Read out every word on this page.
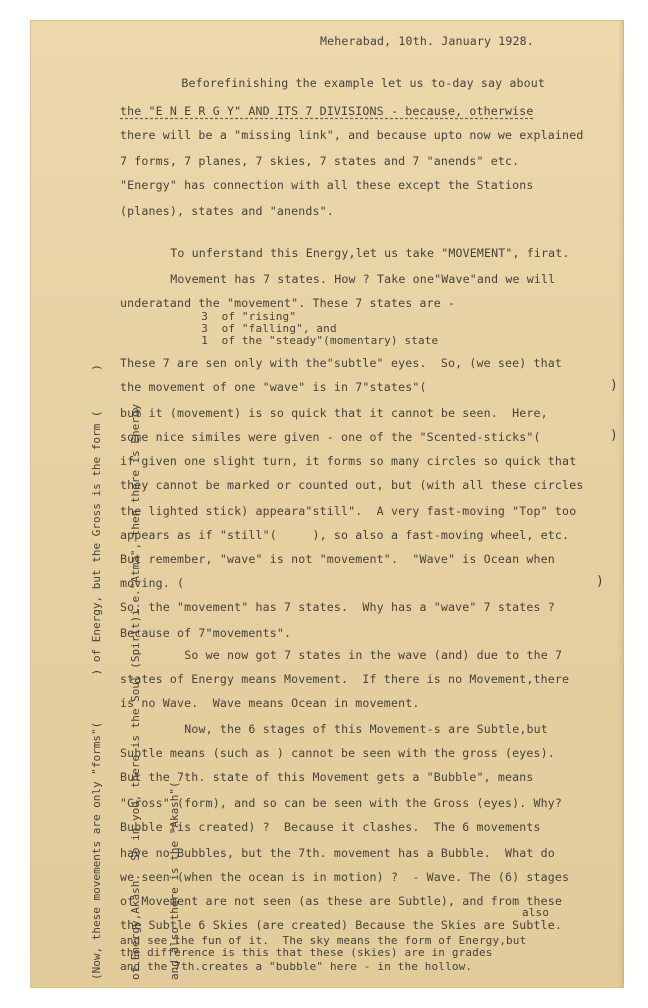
Meherabad, 10th. January 1928.
Beforefinishing the example let us to-day say about
the "E N E R G Y" AND ITS 7 DIVISIONS - because, otherwise
there will be a "missing link", and because upto now we explained
7 forms, 7 planes, 7 skies, 7 states and 7 "anends" etc.
"Energy" has connection with all these except the Stations
(planes), states and "anends".
To unferstand this Energy,let us take "MOVEMENT", firat.
Movement has 7 states. How ? Take one"Wave"and we will
underatand the "movement". These 7 states are -
3  of "rising"
3  of "falling", and
1  of the "steady"(momentary) state
These 7 are sen only with the"subtle" eyes.  So, (we see) that
the movement of one "wave" is in 7"states"(	)
but it (movement) is so quick that it cannot be seen.  Here,
some nice similes were given - one of the "Scented-sticks"(	)
if given one slight turn, it forms so many circles so quick that
they cannot be marked or counted out, but (with all these circles
the lighted stick) appeara"still".  A very fast-moving "Top" too
appears as if "still"(     ), so also a fast-moving wheel, etc.
But remember, "wave" is not "movement".  "Wave" is Ocean when
moving. (	)
So, the "movement" has 7 states.  Why has a "wave" 7 states ?
Because of 7"movements".
So we now got 7 states in the wave (and) due to the 7
states of Energy means Movement.  If there is no Movement,there
is no Wave.  Wave means Ocean in movement.
Now, the 6 stages of this Movement-s are Subtle,but
Subtle means (such as ) cannot be seen with the gross (eyes).
But the 7th. state of this Movement gets a "Bubble", means
"Gross" (form), and so can be seen with the Gross (eyes). Why?
Bubble (is created) ?  Because it clashes.  The 6 movements
have no Bubbles, but the 7th. movement has a Bubble.  What do
we seen (when the ocean is in motion) ?  - Wave. The (6) stages
of Movement are not seen (as these are Subtle), and from these
also
the Subtle 6 Skies (are created) Because the Skies are Subtle.
and see the fun of it.  The sky means the form of Energy,but
the difference is this that these (skies) are in grades
and the 7th.creates a "bubble" here - in the hollow.

(Now, these movements are only "forms"(       ) of Energy, but the Gross is the form (      )

of Energy,Akash.  So in you, there is the Soul (Spirit)i.e."Atma", then there is Energy

and also there is the "Akash"(
